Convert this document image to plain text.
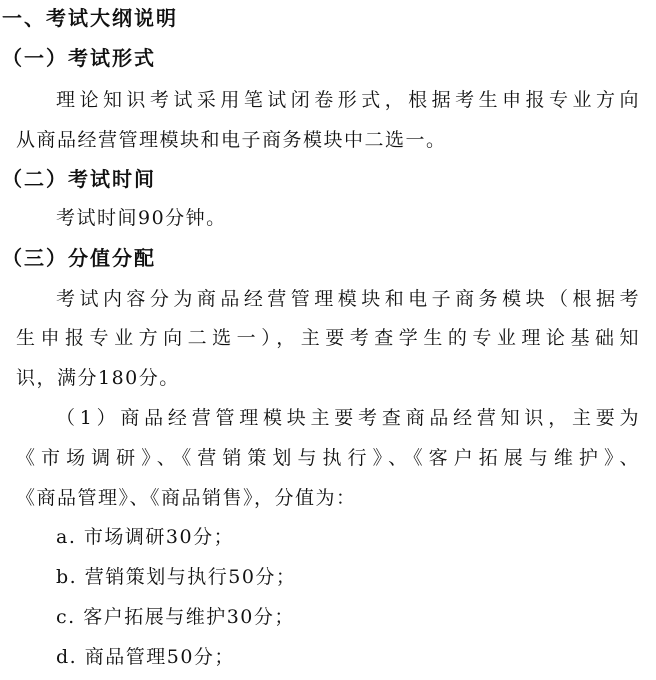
一、考试大纲说明
（一）考试形式
理论知识考试采用笔试闭卷形式，根据考生申报专业方向
从商品经营管理模块和电子商务模块中二选一。
（二）考试时间
考试时间90分钟。
（三）分值分配
考试内容分为商品经营管理模块和电子商务模块（根据考
生申报专业方向二选一），主要考查学生的专业理论基础知
识，满分180分。
（1）商品经营管理模块主要考查商品经营知识，主要为
《市场调研》、《营销策划与执行》、《客户拓展与维护》、
《商品管理》、《商品销售》，分值为：
a. 市场调研30分；
b. 营销策划与执行50分；
c. 客户拓展与维护30分；
d. 商品管理50分；
